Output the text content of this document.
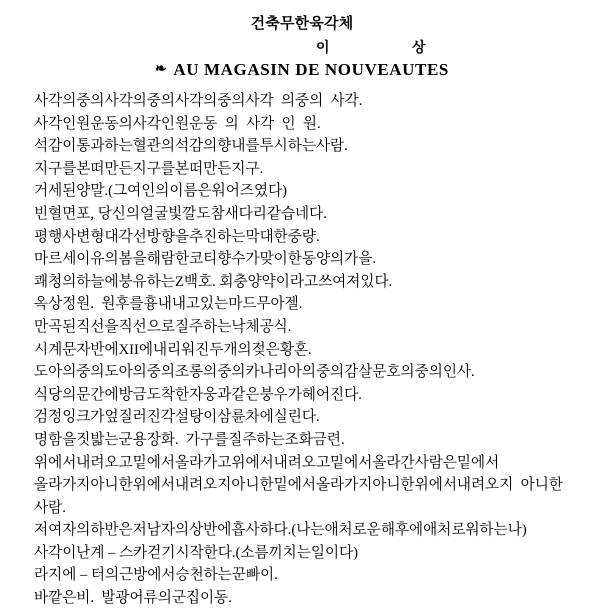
건축무한육각체
이	상
❧ AU MAGASIN DE NOUVEAUTES

사각의중의사각의중의사각의중의사각  의중의  사각.

사각인원운동의사각인원운동  의  사각  인  원.

석감이통과하는혈관의석감의향내를투시하는사람.

지구를본떠만든지구를본떠만든지구.

거세된양말.(그여인의이름은워어즈였다)

빈혈면포, 당신의얼굴빛깔도참새다리같습네다.

평행사변형대각선방향을추진하는막대한중량.

마르세이유의봄을해람한코티향수가맞이한동양의가을.

쾌청의하늘에붕유하는Z백호. 회충양약이라고쓰여져있다.

옥상정원.  원후를흉내내고있는마드무아젤.

만곡된직선을직선으로질주하는낙체공식.

시계문자반에XII에내리워진두개의젖은황혼.

도아의중의도아의중의조롱의중의카나리아의중의감살문호의중의인사.

식당의문간에방금도착한자웅과같은붕우가헤어진다.

검정잉크가엎질러진각설탕이삼륜차에실린다.

명함을짓밟는군용장화.  가구를질주하는조화금련.

위에서내려오고밑에서올라가고위에서내려오고밑에서올라간사람은밑에서

올라가지아니한위에서내려오지아니한밑에서올라가지아니한위에서내려오지  아니한사람.

저여자의하반은저남자의상반에흡사하다.(나는애처로운해후에애처로워하는나)

사각이난계 – 스카걷기시작한다.(소름끼치는일이다)

라지에 – 터의근방에서승천하는꾼빠이.

바깥은비.  발광어류의군집이동.
